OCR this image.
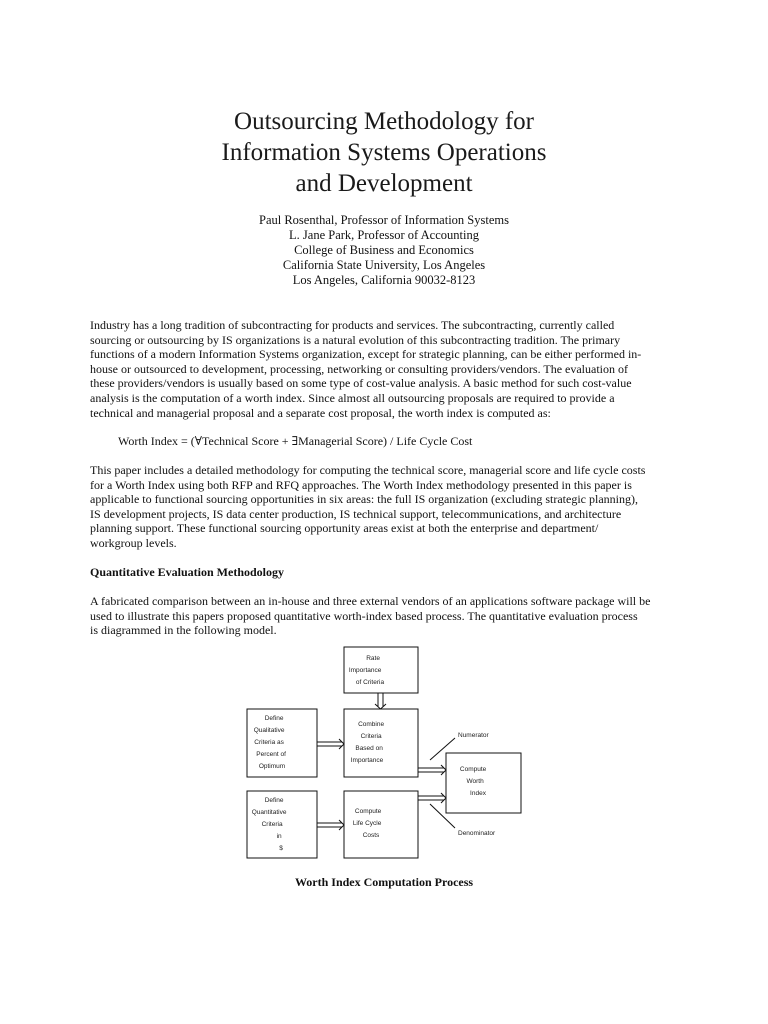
Outsourcing Methodology for
Information Systems Operations
and Development
Paul Rosenthal, Professor of Information Systems
L. Jane Park, Professor of Accounting
College of Business and Economics
California State University, Los Angeles
Los Angeles, California 90032-8123
Industry has a long tradition of subcontracting for products and services. The subcontracting, currently called
sourcing or outsourcing by IS organizations is a natural evolution of this subcontracting tradition. The primary
functions of a modern Information Systems organization, except for strategic planning, can be either performed in-
house or outsourced to development, processing, networking or consulting providers/vendors. The evaluation of
these providers/vendors is usually based on some type of cost-value analysis. A basic method for such cost-value
analysis is the computation of a worth index. Since almost all outsourcing proposals are required to provide a
technical and managerial proposal and a separate cost proposal, the worth index is computed as:
Worth Index = (∀Technical Score + ∃Managerial Score) / Life Cycle Cost
This paper includes a detailed methodology for computing the technical score, managerial score and life cycle costs
for a Worth Index using both RFP and RFQ approaches. The Worth Index methodology presented in this paper is
applicable to functional sourcing opportunities in six areas: the full IS organization (excluding strategic planning),
IS development projects, IS data center production, IS technical support, telecommunications, and architecture
planning support. These functional sourcing opportunity areas exist at both the enterprise and department/
workgroup levels.
Quantitative Evaluation Methodology
A fabricated comparison between an in-house and three external vendors of an applications software package will be
used to illustrate this papers proposed quantitative worth-index based process. The quantitative evaluation process
is diagrammed in the following model.
Rate Importance of Criteria
Define Qualitative Criteria as Percent of Optimum
Combine Criteria Based on Importance
Define Quantitative Criteria in $
Compute Life Cycle Costs
Compute Worth Index
Numerator
Denominator
Worth Index Computation Process
